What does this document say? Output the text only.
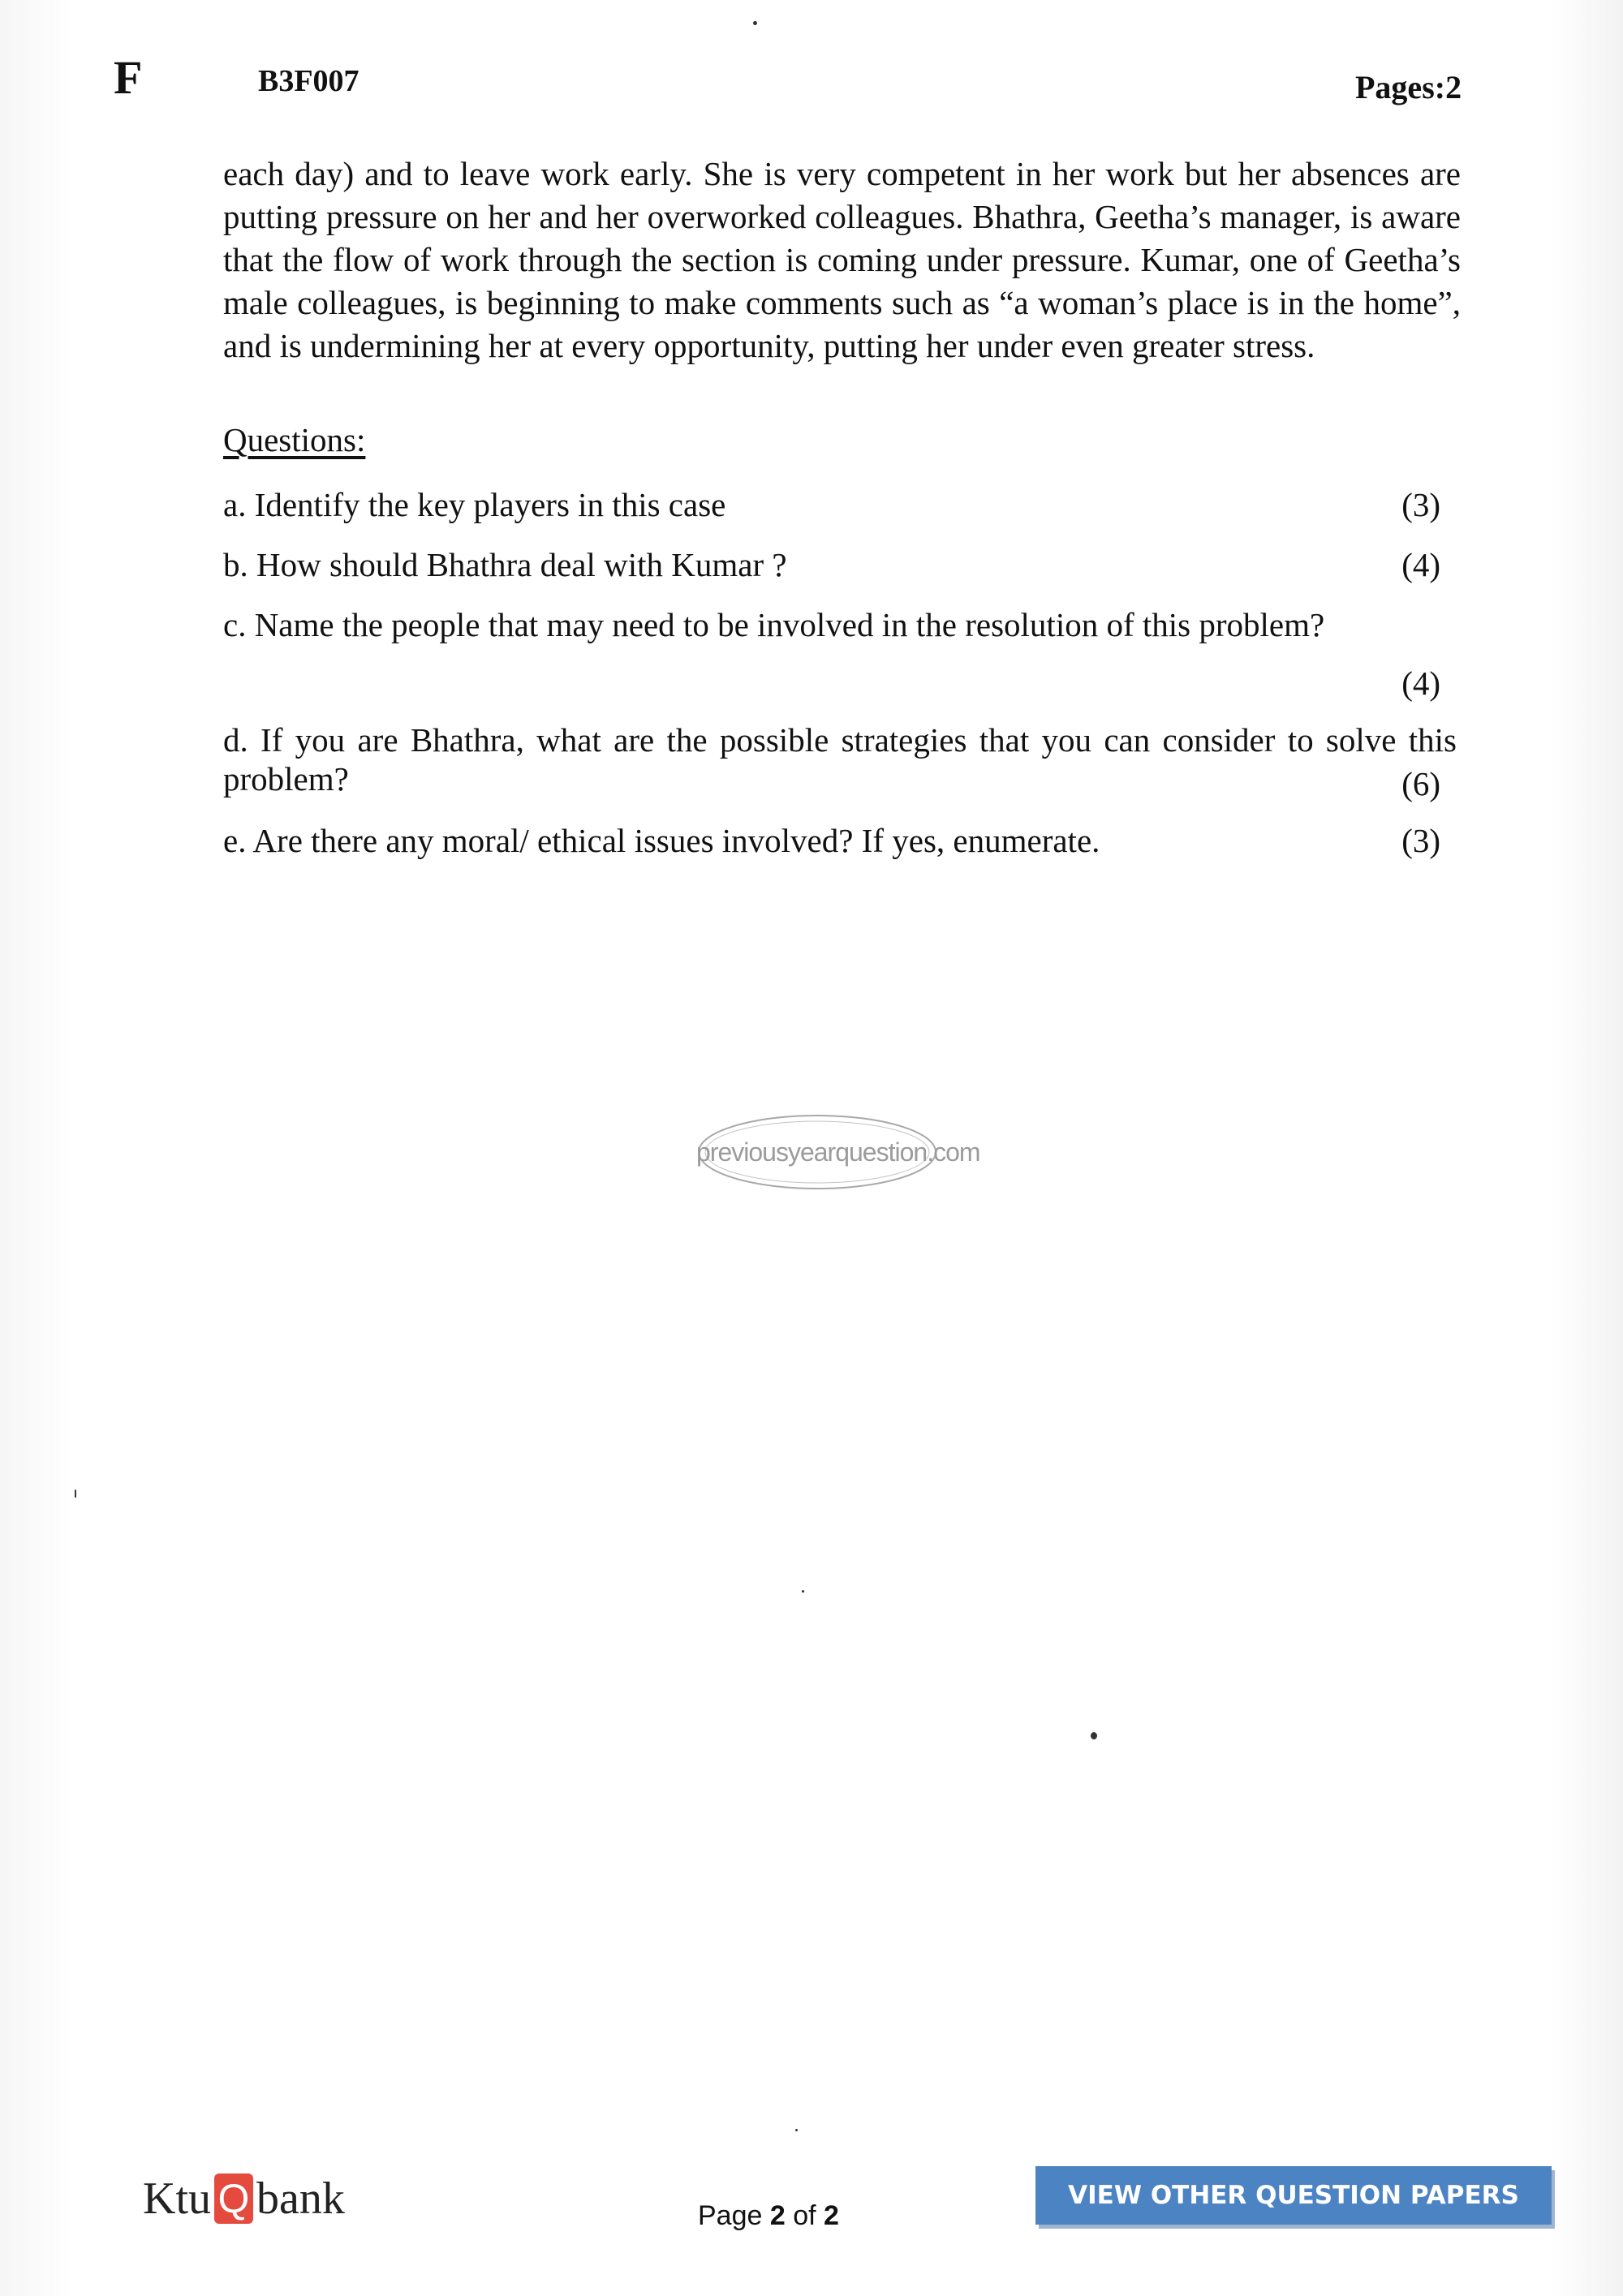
F	B3F007	Pages:2

each day) and to leave work early. She is very competent in her work but her absences are putting pressure on her and her overworked colleagues. Bhathra, Geetha’s manager, is aware that the flow of work through the section is coming under pressure. Kumar, one of Geetha’s male colleagues, is beginning to make comments such as “a woman’s place is in the home”, and is undermining her at every opportunity, putting her under even greater stress.

Questions:
a. Identify the key players in this case	(3)
b. How should Bhathra deal with Kumar ?	(4)
c. Name the people that may need to be involved in the resolution of this problem?
(4)
d. If you are Bhathra, what are the possible strategies that you can consider to solve this problem?	(6)
e. Are there any moral/ ethical issues involved? If yes, enumerate.	(3)
previousyearquestion.com
Ktu Q bank	Page 2 of 2
VIEW OTHER QUESTION PAPERS
